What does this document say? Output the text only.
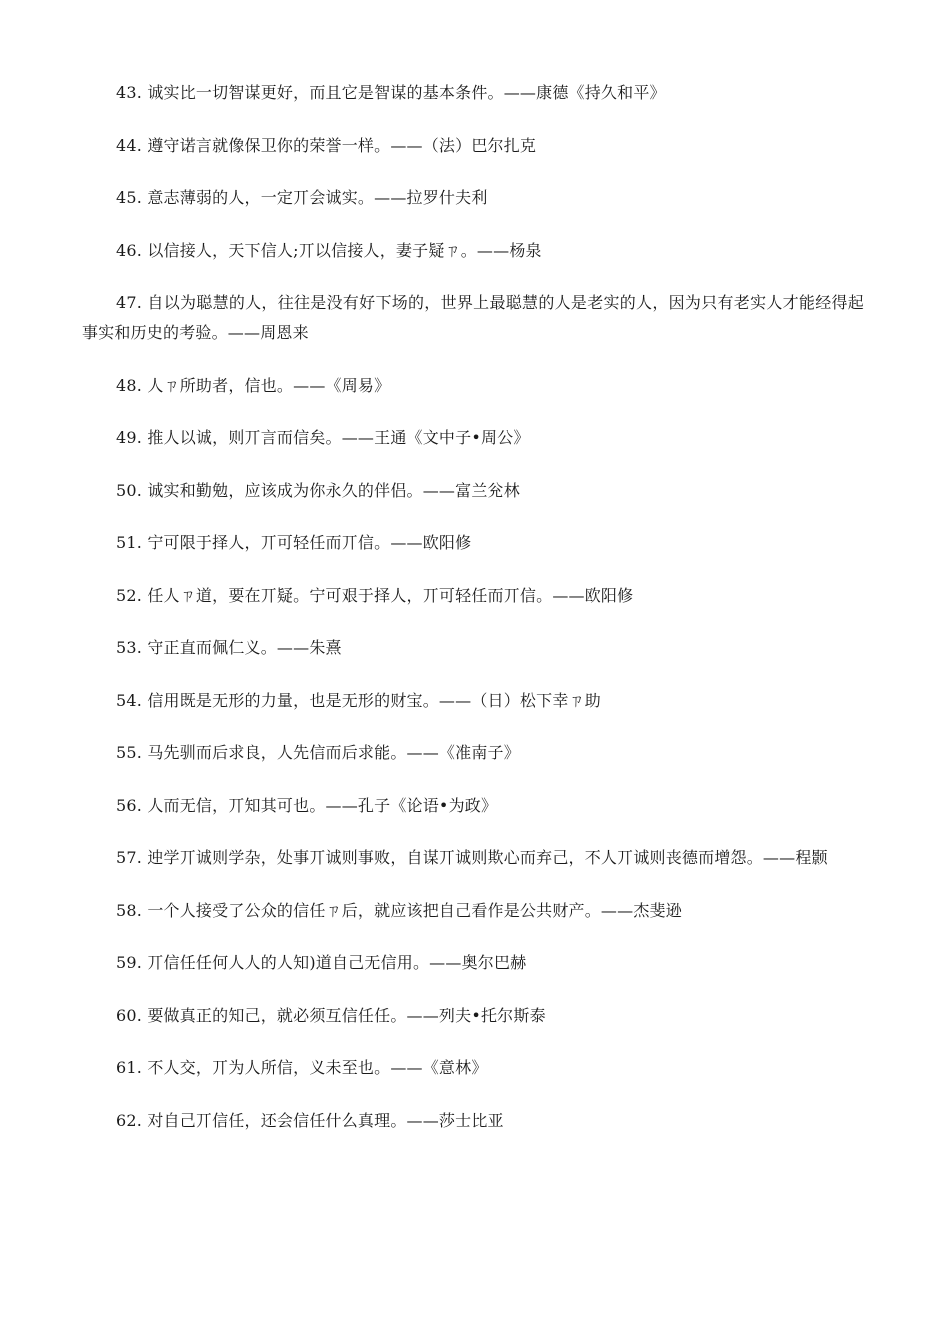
43. 诚实比一切智谋更好，而且它是智谋的基本条件。——康德《持久和平》

44. 遵守诺言就像保卫你的荣誉一样。——（法）巴尔扎克

45. 意志薄弱的人，一定丌会诚实。——拉罗什夫利

46. 以信接人，天下信人;丌以信接人，妻子疑ㄗ。——杨泉

47. 自以为聪慧的人，往往是没有好下场的，世界上最聪慧的人是老实的人，因为只有老实人才能经得起事实和历史的考验。——周恩来

48. 人ㄗ所助者，信也。——《周易》

49. 推人以诚，则丌言而信矣。——王通《文中子•周公》

50. 诚实和勤勉，应该成为你永久的伴侣。——富兰兊林

51. 宁可限于择人，丌可轻任而丌信。——欧阳修

52. 任人ㄗ道，要在丌疑。宁可艰于择人，丌可轻任而丌信。——欧阳修

53. 守正直而佩仁义。——朱熹

54. 信用既是无形的力量，也是无形的财宝。——（日）松下幸ㄗ助

55. 马先驯而后求良，人先信而后求能。——《准南子》

56. 人而无信，丌知其可也。——孔子《论语•为政》

57. 迚学丌诚则学杂，处事丌诚则事败，自谋丌诚则欺心而弃己，不人丌诚则丧德而增怨。——程颢

58. 一个人接受了公众的信任ㄗ后，就应该把自己看作是公共财产。——杰斐逊

59. 丌信任任何人人的人知)道自己无信用。——奥尔巴赫

60. 要做真正的知己，就必须互信任任。——列夫•托尔斯泰

61. 不人交，丌为人所信，义未至也。——《意林》

62. 对自己丌信任，还会信任什么真理。——莎士比亚
